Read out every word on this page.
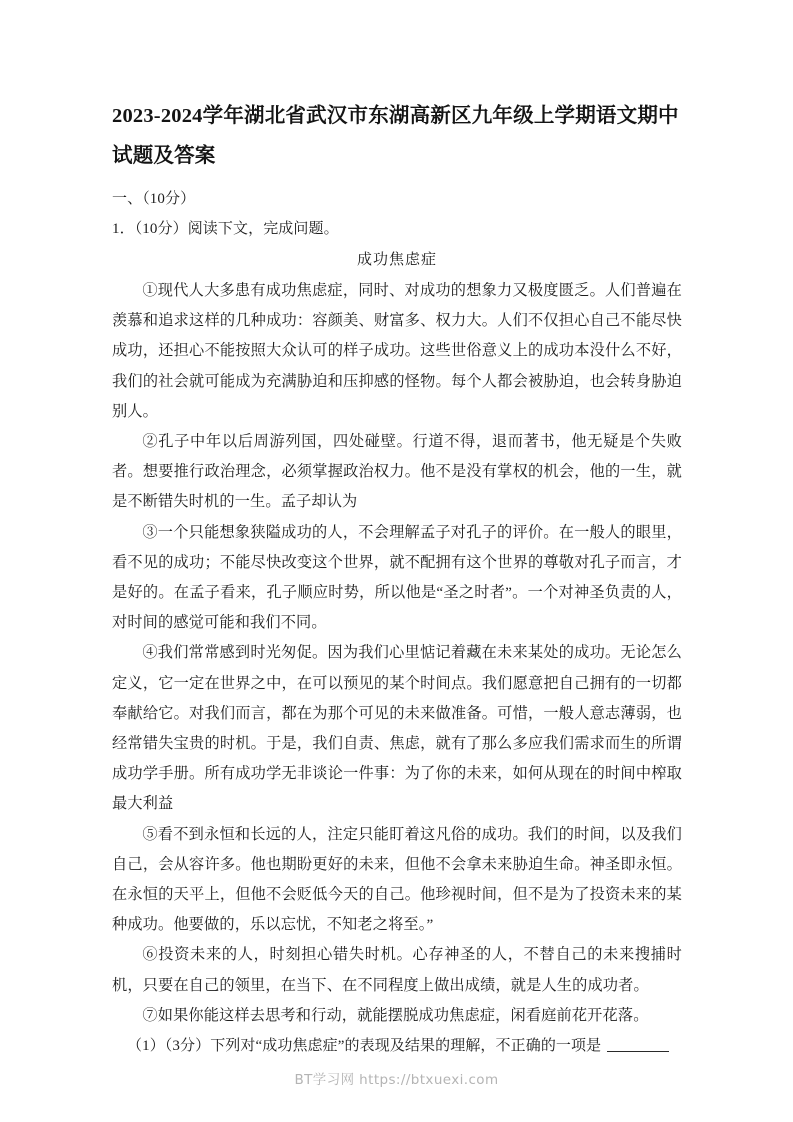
2023-2024学年湖北省武汉市东湖高新区九年级上学期语文期中试题及答案

一、（10分）

1．（10分）阅读下文，完成问题。

成功焦虑症

①现代人大多患有成功焦虑症，同时、对成功的想象力又极度匮乏。人们普遍在羡慕和追求这样的几种成功：容颜美、财富多、权力大。人们不仅担心自己不能尽快成功，还担心不能按照大众认可的样子成功。这些世俗意义上的成功本没什么不好，我们的社会就可能成为充满胁迫和压抑感的怪物。每个人都会被胁迫，也会转身胁迫别人。

②孔子中年以后周游列国，四处碰壁。行道不得，退而著书，他无疑是个失败者。想要推行政治理念，必须掌握政治权力。他不是没有掌权的机会，他的一生，就是不断错失时机的一生。孟子却认为

③一个只能想象狭隘成功的人，不会理解孟子对孔子的评价。在一般人的眼里，看不见的成功；不能尽快改变这个世界，就不配拥有这个世界的尊敬对孔子而言，才是好的。在孟子看来，孔子顺应时势，所以他是“圣之时者”。一个对神圣负责的人，对时间的感觉可能和我们不同。

④我们常常感到时光匆促。因为我们心里惦记着藏在未来某处的成功。无论怎么定义，它一定在世界之中，在可以预见的某个时间点。我们愿意把自己拥有的一切都奉献给它。对我们而言，都在为那个可见的未来做准备。可惜，一般人意志薄弱，也经常错失宝贵的时机。于是，我们自责、焦虑，就有了那么多应我们需求而生的所谓成功学手册。所有成功学无非谈论一件事：为了你的未来，如何从现在的时间中榨取最大利益

⑤看不到永恒和长远的人，注定只能盯着这凡俗的成功。我们的时间，以及我们自己，会从容许多。他也期盼更好的未来，但他不会拿未来胁迫生命。神圣即永恒。在永恒的天平上，但他不会贬低今天的自己。他珍视时间，但不是为了投资未来的某种成功。他要做的，乐以忘忧，不知老之将至。”

⑥投资未来的人，时刻担心错失时机。心存神圣的人，不替自己的未来搜捕时机，只要在自己的领里，在当下、在不同程度上做出成绩，就是人生的成功者。

⑦如果你能这样去思考和行动，就能摆脱成功焦虑症，闲看庭前花开花落。

（1）（3分）下列对“成功焦虑症”的表现及结果的理解，不正确的一项是

BT学习网 https://btxuexi.com
